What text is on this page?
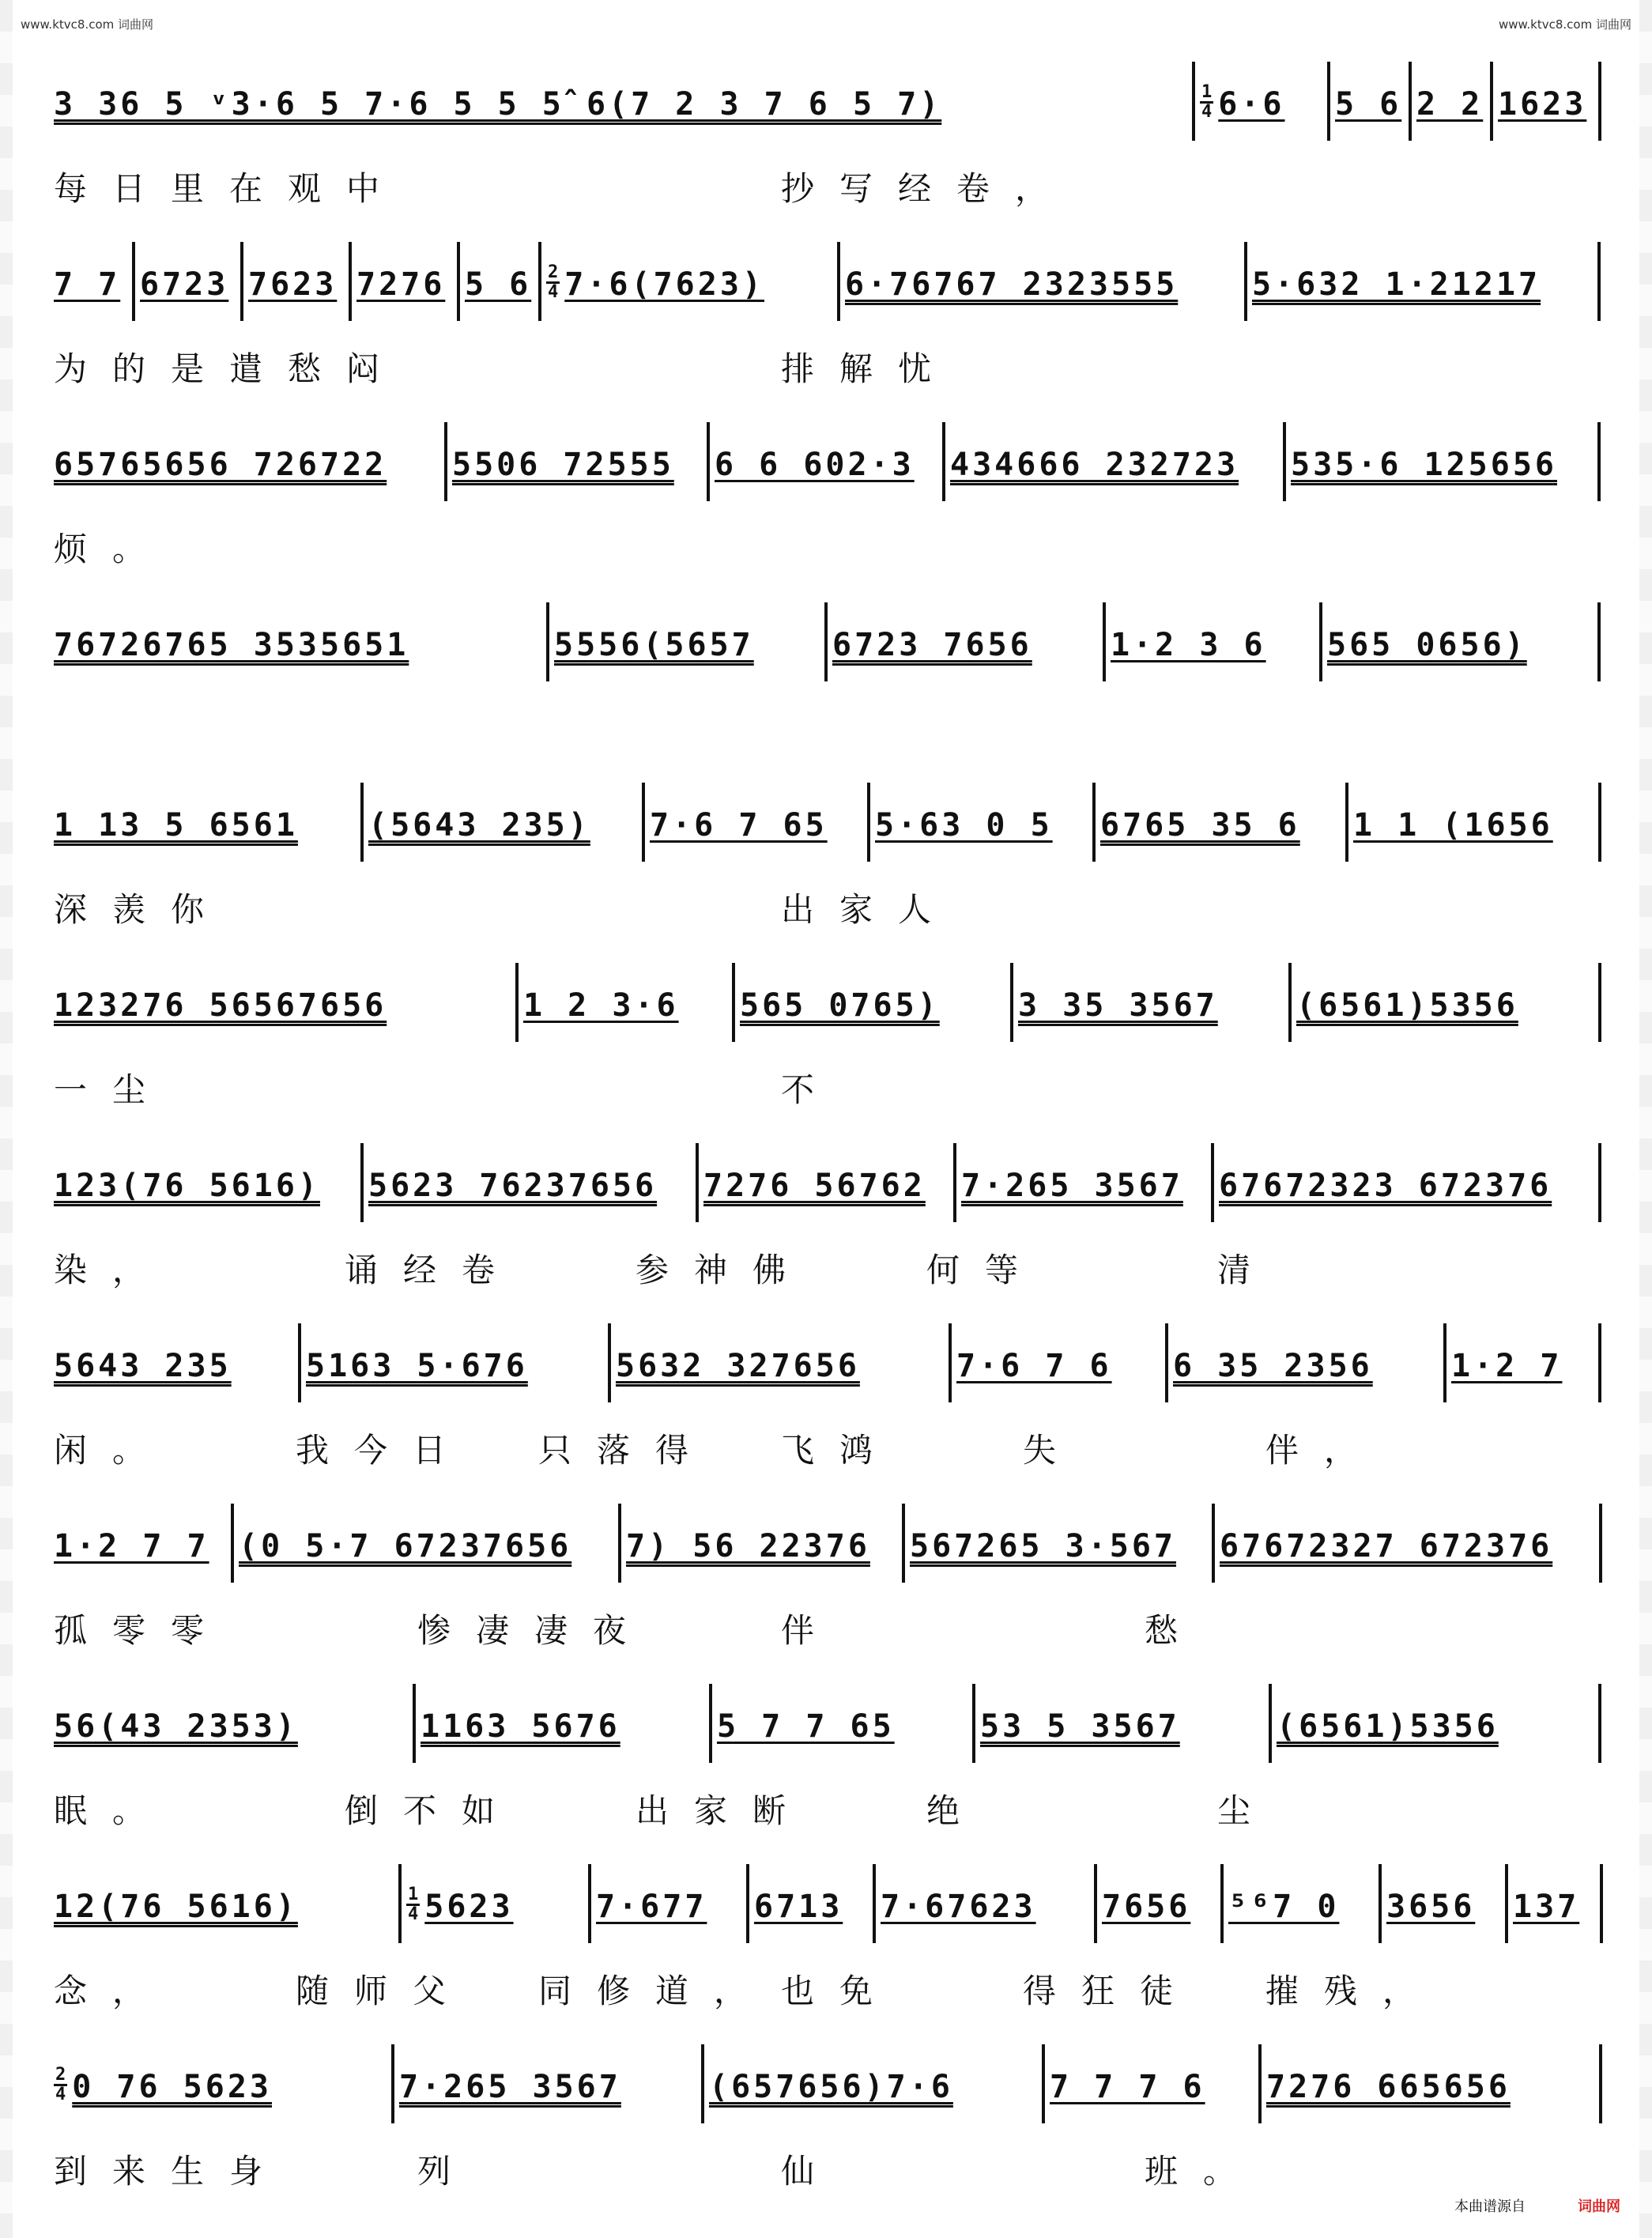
www.ktvc8.com 词曲网	www.ktvc8.com 词曲网
3 36 5 ᵛ3·6 5 7·6 5 5 5̂ 6(7 2 3 7 6 5 7)	$\frac{1}{4} 6\cdot 6$ 5 6 2 2 1623
每日里在观中	抄写经卷，
7 7 6723 7623 7276 5 $6 \frac{2}{4} 7\cdot 6(7623)$	6·76767 2323555 5·632 1·21217
为的是遣愁闷	排解忧
65765656 726722 5506 72555 6 6 602·3 434666 232723 535·6 125656
烦。
76726765 3535651	5556(5657 6723 7656 1·2 3 6 565 0656)
1 13 5 6561 (5643 235) 7·6 7 65 5·63 0 5 6765 35 6 1 1 (1656
深羡你	出家人
123276 56567656	1 2 3·6 565 0765) 3 35 3567 (6561)5356
一尘	不
123(76 5616) 5623 76237656 7276 56762 7·265 3567 67672323 672376
染，	诵经卷	参神佛	何等	清
5643 235 5163 5·676	5632 327656	7·6 7 6 6 35 2356 1·2 7
闲。	我今日 只落得 飞鸿	失	伴，
1·2 7 7 (0 5·7 67237656 7) 56 22376 567265 3·567 67672327 672376
孤零零	惨凄凄夜	伴	愁
56(43 2353)	1163 5676	5 7 7 65	53 5 3567	(6561)5356
眠。	倒不如	出家断	绝	尘
12(76 5616)	$\frac{1}{4} 5623$	7·677 6713 7·67623 7656 ⁵⁶7 0 3656 137
念，	随师父 同修道， 也免	得狂徒 摧残，
$\frac{2}{4} 0$ 76 5623	7·265 3567	(657656)7·6	7 7 7 6 7276 665656
到来生身	列	仙	班。
本曲谱源自	词曲网
